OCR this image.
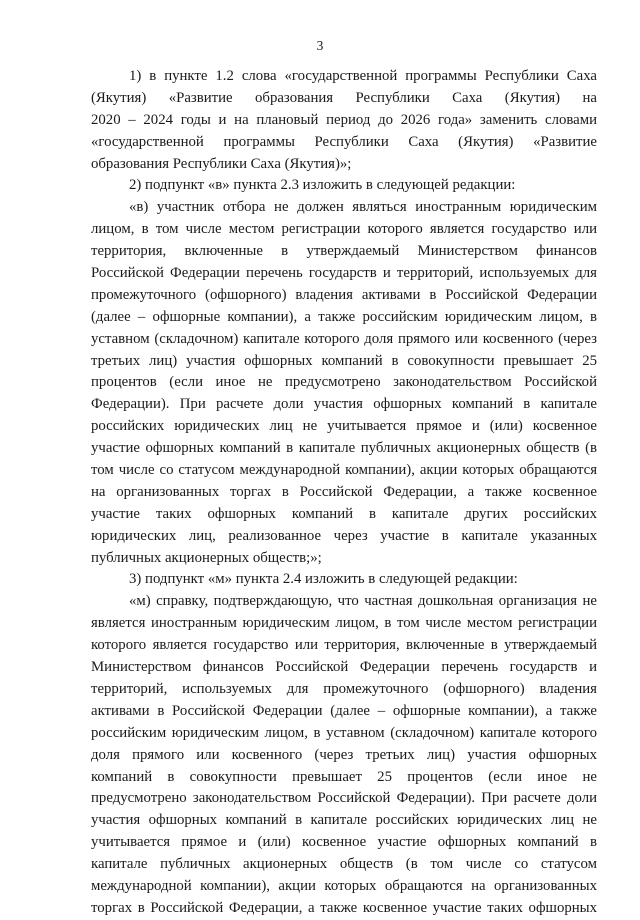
3
1) в пункте 1.2 слова «государственной программы Республики Саха
(Якутия) «Развитие образования Республики Саха (Якутия) на
2020 – 2024 годы и на плановый период до 2026 года» заменить словами
«государственной программы Республики Саха (Якутия) «Развитие
образования Республики Саха (Якутия)»;
2) подпункт «в» пункта 2.3 изложить в следующей редакции:
«в) участник отбора не должен являться иностранным юридическим
лицом, в том числе местом регистрации которого является государство или
территория, включенные в утверждаемый Министерством финансов
Российской Федерации перечень государств и территорий, используемых для
промежуточного (офшорного) владения активами в Российской Федерации
(далее – офшорные компании), а также российским юридическим лицом, в
уставном (складочном) капитале которого доля прямого или косвенного (через
третьих лиц) участия офшорных компаний в совокупности превышает 25
процентов (если иное не предусмотрено законодательством Российской
Федерации). При расчете доли участия офшорных компаний в капитале
российских юридических лиц не учитывается прямое и (или) косвенное
участие офшорных компаний в капитале публичных акционерных обществ (в
том числе со статусом международной компании), акции которых обращаются
на организованных торгах в Российской Федерации, а также косвенное
участие таких офшорных компаний в капитале других российских
юридических лиц, реализованное через участие в капитале указанных
публичных акционерных обществ;»;
3) подпункт «м» пункта 2.4 изложить в следующей редакции:
«м) справку, подтверждающую, что частная дошкольная организация не
является иностранным юридическим лицом, в том числе местом регистрации
которого является государство или территория, включенные в утверждаемый
Министерством финансов Российской Федерации перечень государств и
территорий, используемых для промежуточного (офшорного) владения
активами в Российской Федерации (далее – офшорные компании), а также
российским юридическим лицом, в уставном (складочном) капитале которого
доля прямого или косвенного (через третьих лиц) участия офшорных
компаний в совокупности превышает 25 процентов (если иное не
предусмотрено законодательством Российской Федерации). При расчете доли
участия офшорных компаний в капитале российских юридических лиц не
учитывается прямое и (или) косвенное участие офшорных компаний в
капитале публичных акционерных обществ (в том числе со статусом
международной компании), акции которых обращаются на организованных
торгах в Российской Федерации, а также косвенное участие таких офшорных
